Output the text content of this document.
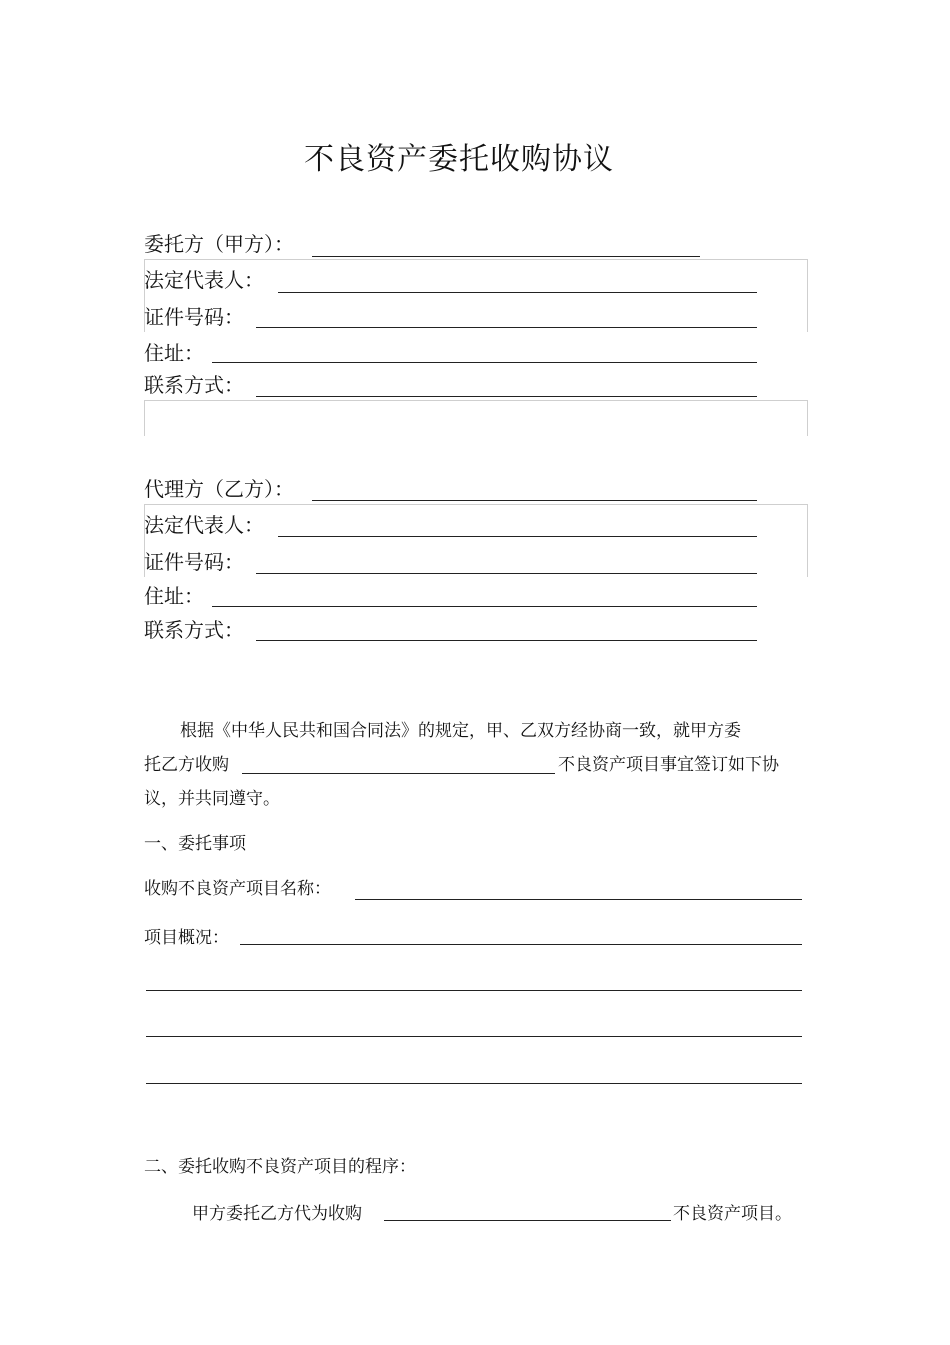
不良资产委托收购协议
委托方（甲方）：
法定代表人：
证件号码：
住址：
联系方式：
代理方（乙方）：
法定代表人：
证件号码：
住址：
联系方式：
根据《中华人民共和国合同法》的规定，甲、乙双方经协商一致，就甲方委
托乙方收购	不良资产项目事宜签订如下协
议，并共同遵守。
一、委托事项
收购不良资产项目名称：
项目概况：
二、委托收购不良资产项目的程序：
甲方委托乙方代为收购	不良资产项目。
